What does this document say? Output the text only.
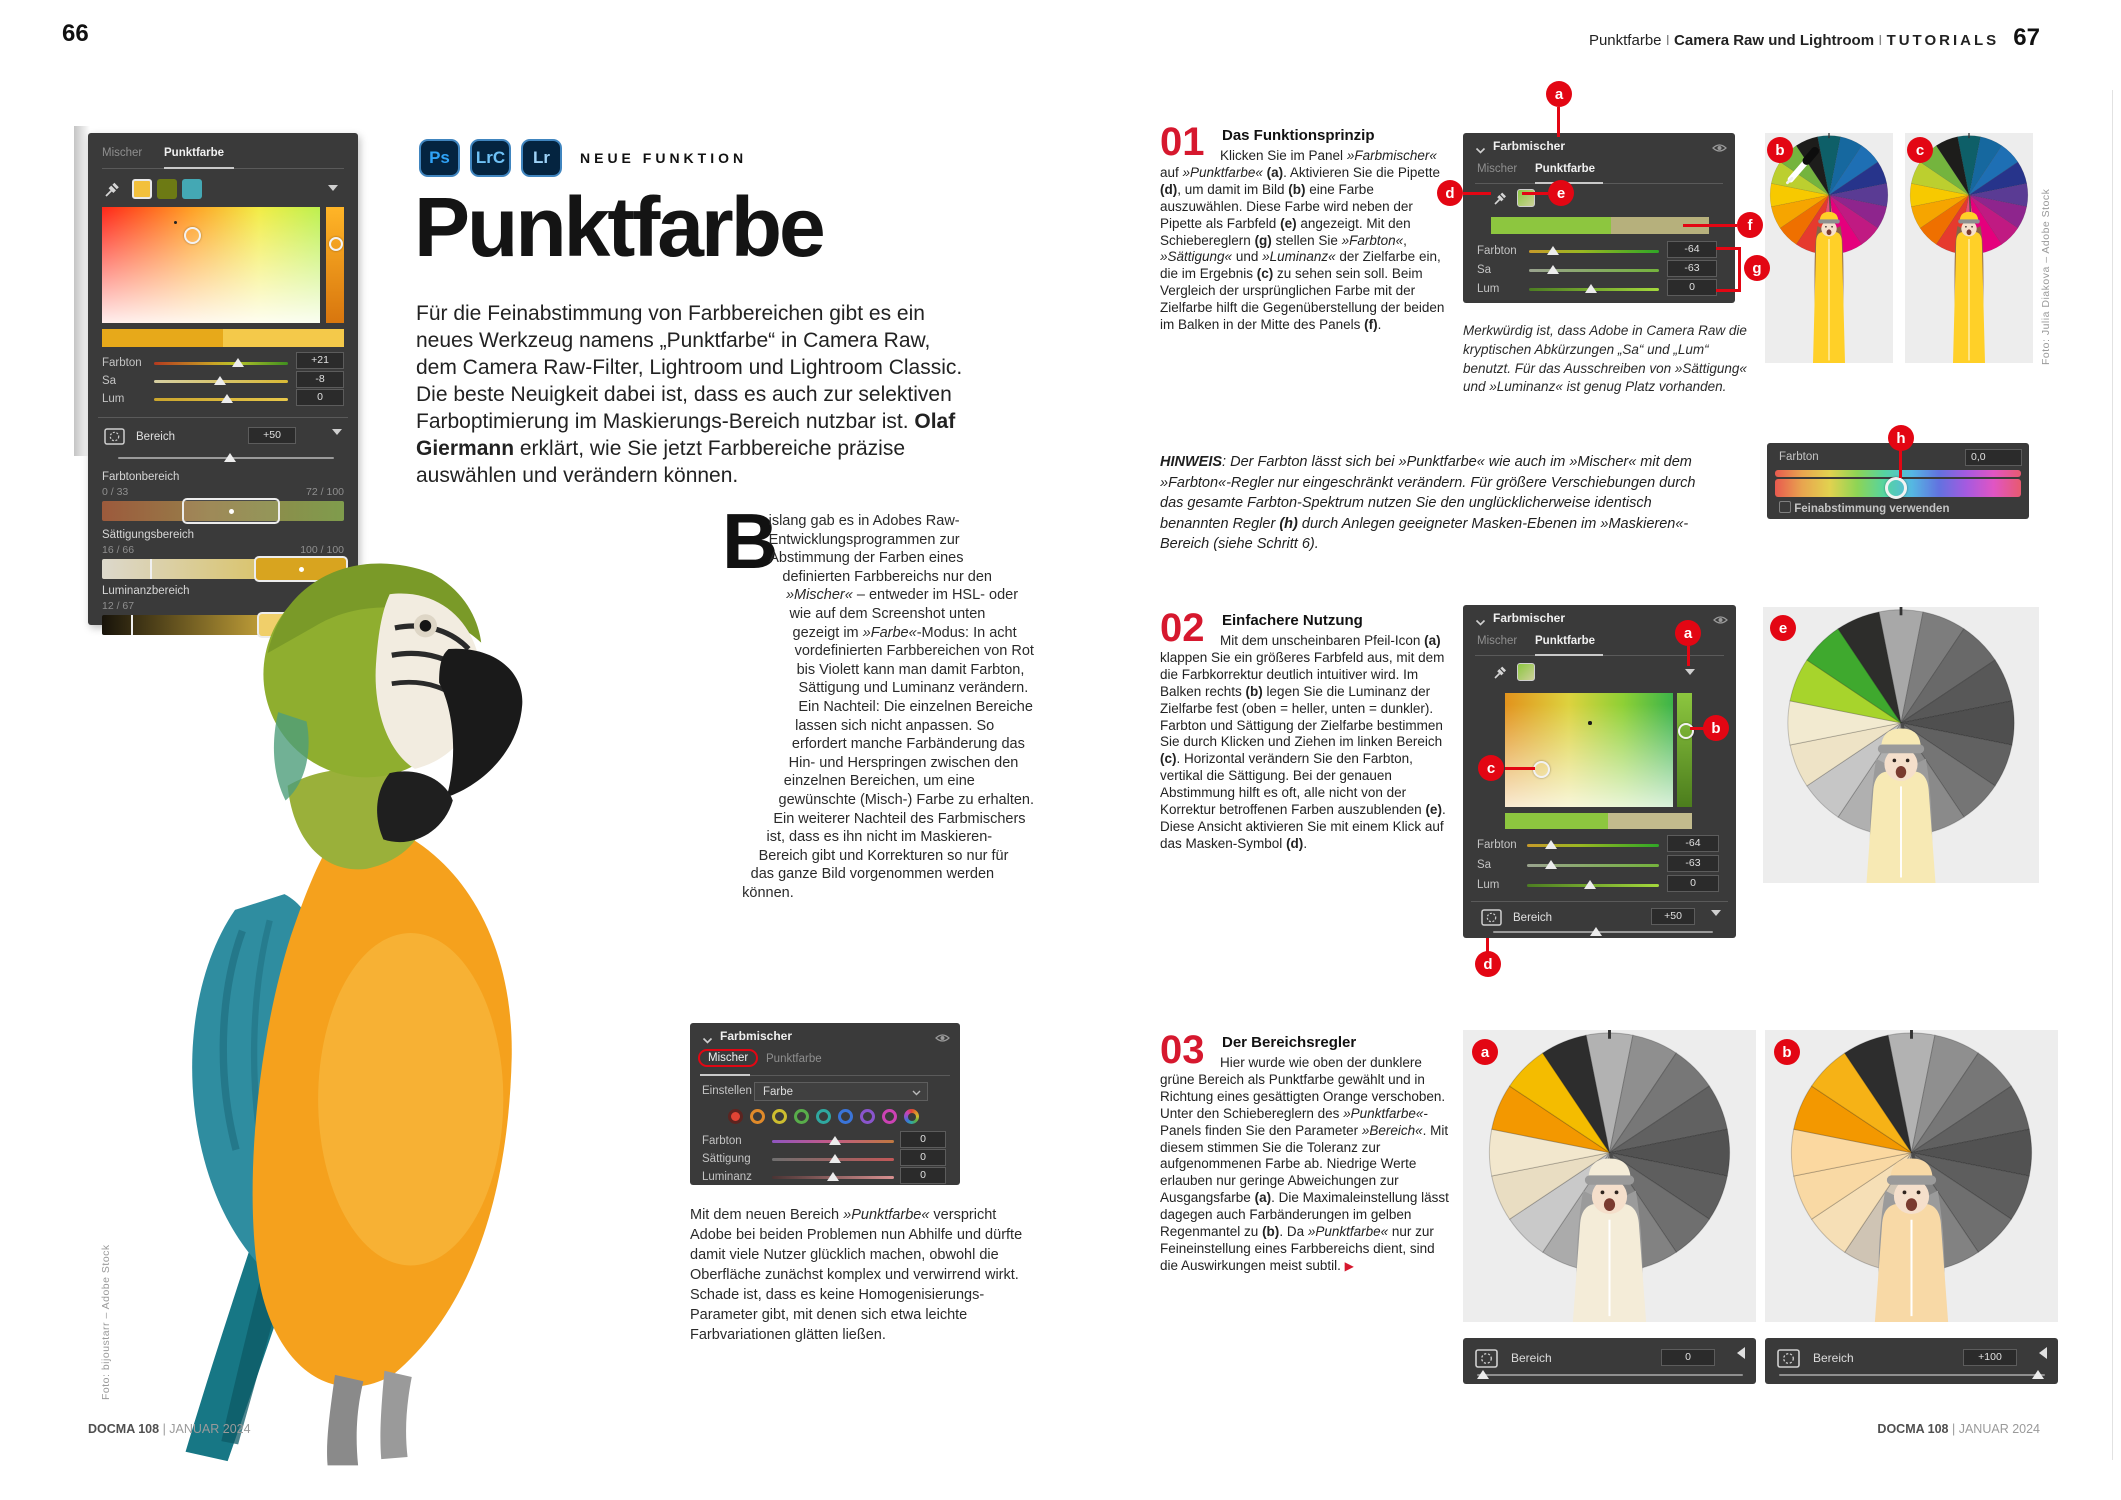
66
Mischer Punktfarbe
Farbton	+21
Sa	-8
Lum	0
Bereich	+50
Farbtonbereich
0 / 33	72 / 100
Sättigungsbereich
16 / 66	100 / 100
Luminanzbereich
12 / 67
Ps	LrC	Lr	NEUE FUNKTION
Punktfarbe
Für die Feinabstimmung von Farbbereichen gibt es ein neues Werkzeug namens „Punktfarbe“ in Camera Raw, dem Camera Raw-Filter, Lightroom und Lightroom Classic. Die beste Neuigkeit dabei ist, dass es auch zur selektiven Farboptimierung im Maskierungs-Bereich nutzbar ist. Olaf Giermann erklärt, wie Sie jetzt Farbbereiche präzise auswählen und verändern können.
B
islang gab es in Adobes Raw-Entwicklungsprogrammen zur Abstimmung der Farben eines definierten Farbbereichs nur den »Mischer« – entweder im HSL- oder wie auf dem Screenshot unten gezeigt im »Farbe«-Modus: In acht vordefinierten Farbbereichen von Rot bis Violett kann man damit Farbton, Sättigung und Luminanz verändern. Ein Nachteil: Die einzelnen Bereiche lassen sich nicht anpassen. So erfordert manche Farbänderung das Hin- und Herspringen zwischen den einzelnen Bereichen, um eine gewünschte (Misch-) Farbe zu erhalten. Ein weiterer Nachteil des Farbmischers ist, dass es ihn nicht im Maskieren-Bereich gibt und Korrekturen so nur für das ganze Bild vorgenommen werden können.
Farbmischer
Mischer	Punktfarbe
Einstellen Farbe
Farbton	0
Sättigung	0
Luminanz	0
Mit dem neuen Bereich »Punktfarbe« verspricht Adobe bei beiden Problemen nun Abhilfe und dürfte damit viele Nutzer glücklich machen, obwohl die Oberfläche zunächst komplex und verwirrend wirkt. Schade ist, dass es keine Homogenisierungs-Parameter gibt, mit denen sich etwa leichte Farbvariationen glätten ließen.
Foto: bijoustarr – Adobe Stock
DOCMA 108 | JANUAR 2024
Punktfarbe I Camera Raw und Lightroom I TUTORIALS 67
01 Das Funktionsprinzip
Klicken Sie im Panel »Farbmischer« auf »Punktfarbe« (a). Aktivieren Sie die Pipette (d), um damit im Bild (b) eine Farbe auszuwählen. Diese Farbe wird neben der Pipette als Farbfeld (e) angezeigt. Mit den Schiebereglern (g) stellen Sie »Farbton«, »Sättigung« und »Luminanz« der Zielfarbe ein, die im Ergebnis (c) zu sehen sein soll. Beim Vergleich der ursprünglichen Farbe mit der Zielfarbe hilft die Gegenüberstellung der beiden im Balken in der Mitte des Panels (f).
Farbmischer
Mischer Punktfarbe
Farbton	-64
Sa	-63
Lum	0
a
d	e
f
g
Merkwürdig ist, dass Adobe in Camera Raw die kryptischen Abkürzungen „Sa“ und „Lum“ benutzt. Für das Ausschreiben von »Sättigung« und »Luminanz« ist genug Platz vorhanden.
b	c
Foto: Julia Diakova – Adobe Stock
HINWEIS: Der Farbton lässt sich bei »Punktfarbe« wie auch im »Mischer« mit dem »Farbton«-Regler nur eingeschränkt verändern. Für größere Verschiebungen durch das gesamte Farbton-Spektrum nutzen Sie den unglücklicherweise identisch benannten Regler (h) durch Anlegen geeigneter Masken-Ebenen im »Maskieren«-Bereich (siehe Schritt 6).
Farbton	0,0
Feinabstimmung verwenden
h
02 Einfachere Nutzung
Mit dem unscheinbaren Pfeil-Icon (a) klappen Sie ein größeres Farbfeld aus, mit dem die Farbkorrektur deutlich intuitiver wird. Im Balken rechts (b) legen Sie die Luminanz der Zielfarbe fest (oben = heller, unten = dunkler). Farbton und Sättigung der Zielfarbe bestimmen Sie durch Klicken und Ziehen im linken Bereich (c). Horizontal verändern Sie den Farbton, vertikal die Sättigung. Bei der genauen Abstimmung hilft es oft, alle nicht von der Korrektur betroffenen Farben auszublenden (e). Diese Ansicht aktivieren Sie mit einem Klick auf das Masken-Symbol (d).
Farbmischer
Mischer Punktfarbe
Farbton	-64
Sa	-63
Lum	0
Bereich	+50
a
b
c
d
e
03 Der Bereichsregler
Hier wurde wie oben der dunklere grüne Bereich als Punktfarbe gewählt und in Richtung eines gesättigten Orange verschoben. Unter den Schiebereglern des »Punktfarbe«-Panels finden Sie den Parameter »Bereich«. Mit diesem stimmen Sie die Toleranz zur aufgenommenen Farbe ab. Niedrige Werte erlauben nur geringe Abweichungen zur Ausgangsfarbe (a). Die Maximaleinstellung lässt dagegen auch Farbänderungen im gelben Regenmantel zu (b). Da »Punktfarbe« nur zur Feineinstellung eines Farbbereichs dient, sind die Auswirkungen meist subtil. ▶
a	b
Bereich	0	Bereich	+100
DOCMA 108 | JANUAR 2024
